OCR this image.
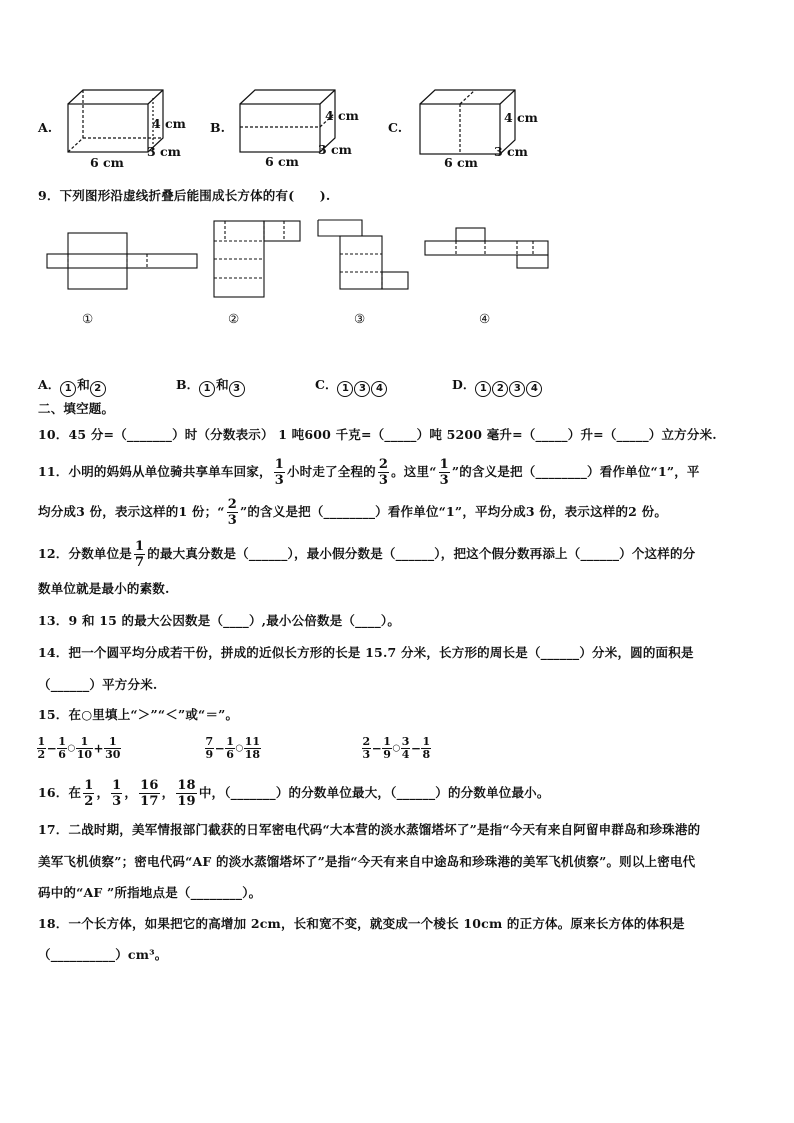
A.	4 cm
3 cm
6 cm
B.
4 cm
3 cm
6 cm
C.
4 cm
3 cm
6 cm
9．下列图形沿虚线折叠后能围成长方体的有(　　).
①	②	③	④
A． 1 和 2	B． 1 和 3	C． 1 3 4	D． 1 2 3 4
二、填空题。
10．45 分=（_______）时（分数表示） 1 吨600 千克=（_____）吨 5200 毫升=（_____）升=（_____）立方分米.
11．小明的妈妈从单位骑共享单车回家， $\frac{1}{3}$ 小时走了全程的 $\frac{2}{3}$ 。这里“ $\frac{1}{3}$ ”的含义是把（________）看作单位“1”，平
均分成3 份，表示这样的1 份；“ $\frac{2}{3}$ ”的含义是把（________）看作单位“1”，平均分成3 份，表示这样的2 份。
12．分数单位是 $\frac{1}{7}$ 的最大真分数是（______），最小假分数是（______），把这个假分数再添上（______）个这样的分
数单位就是最小的素数.
13．9 和 15 的最大公因数是（____）,最小公倍数是（____）。
14．把一个圆平均分成若干份，拼成的近似长方形的长是 15.7 分米，长方形的周长是（______）分米，圆的面积是
（______）平方分米.
15．在○里填上“＞”“＜”或“＝”。
$\frac{1}{2} - \frac{1}{6}$ ○ $\frac{1}{10} + \frac{1}{30}$	$\frac{7}{9} - \frac{1}{6}$ ○ $\frac{11}{18}$	$\frac{2}{3} - \frac{1}{9}$ ○ $\frac{3}{4} - \frac{1}{8}$
16．在 $\frac{1}{2}$ ， $\frac{1}{3}$ ， $\frac{16}{17}$ ， $\frac{18}{19}$ 中，（_______）的分数单位最大，（______）的分数单位最小。
17．二战时期，美军情报部门截获的日军密电代码“大本营的淡水蒸馏塔坏了”是指“今天有来自阿留申群岛和珍珠港的
美军飞机侦察”；密电代码“AF 的淡水蒸馏塔坏了”是指“今天有来自中途岛和珍珠港的美军飞机侦察”。则以上密电代
码中的“AF ”所指地点是（________）。
18．一个长方体，如果把它的高增加 2cm，长和宽不变，就变成一个棱长 10cm 的正方体。原来长方体的体积是
（__________）cm³。
